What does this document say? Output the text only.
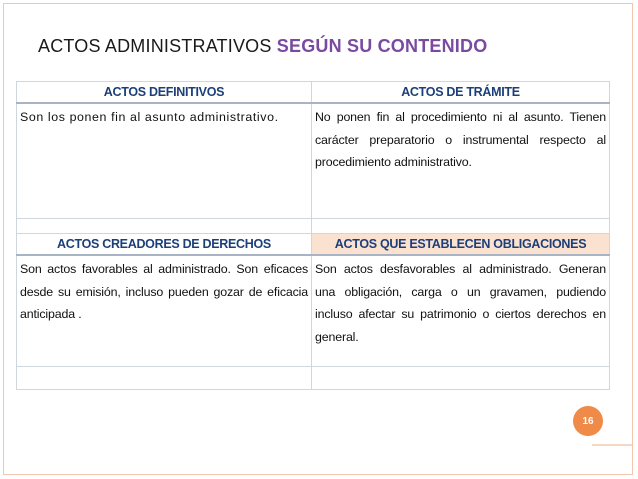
ACTOS ADMINISTRATIVOS SEGÚN SU CONTENIDO
ACTOS DEFINITIVOS	ACTOS DE TRÁMITE

Son los ponen fin al asunto administrativo.	No ponen fin al procedimiento ni al asunto. Tienen carácter preparatorio o instrumental respecto al procedimiento administrativo.

ACTOS CREADORES DE DERECHOS	ACTOS QUE ESTABLECEN OBLIGACIONES

Son actos favorables al administrado. Son eficaces desde su emisión, incluso pueden gozar de eficacia anticipada .	Son actos desfavorables al administrado. Generan una obligación, carga o un gravamen, pudiendo incluso afectar su patrimonio o ciertos derechos en general.

16
